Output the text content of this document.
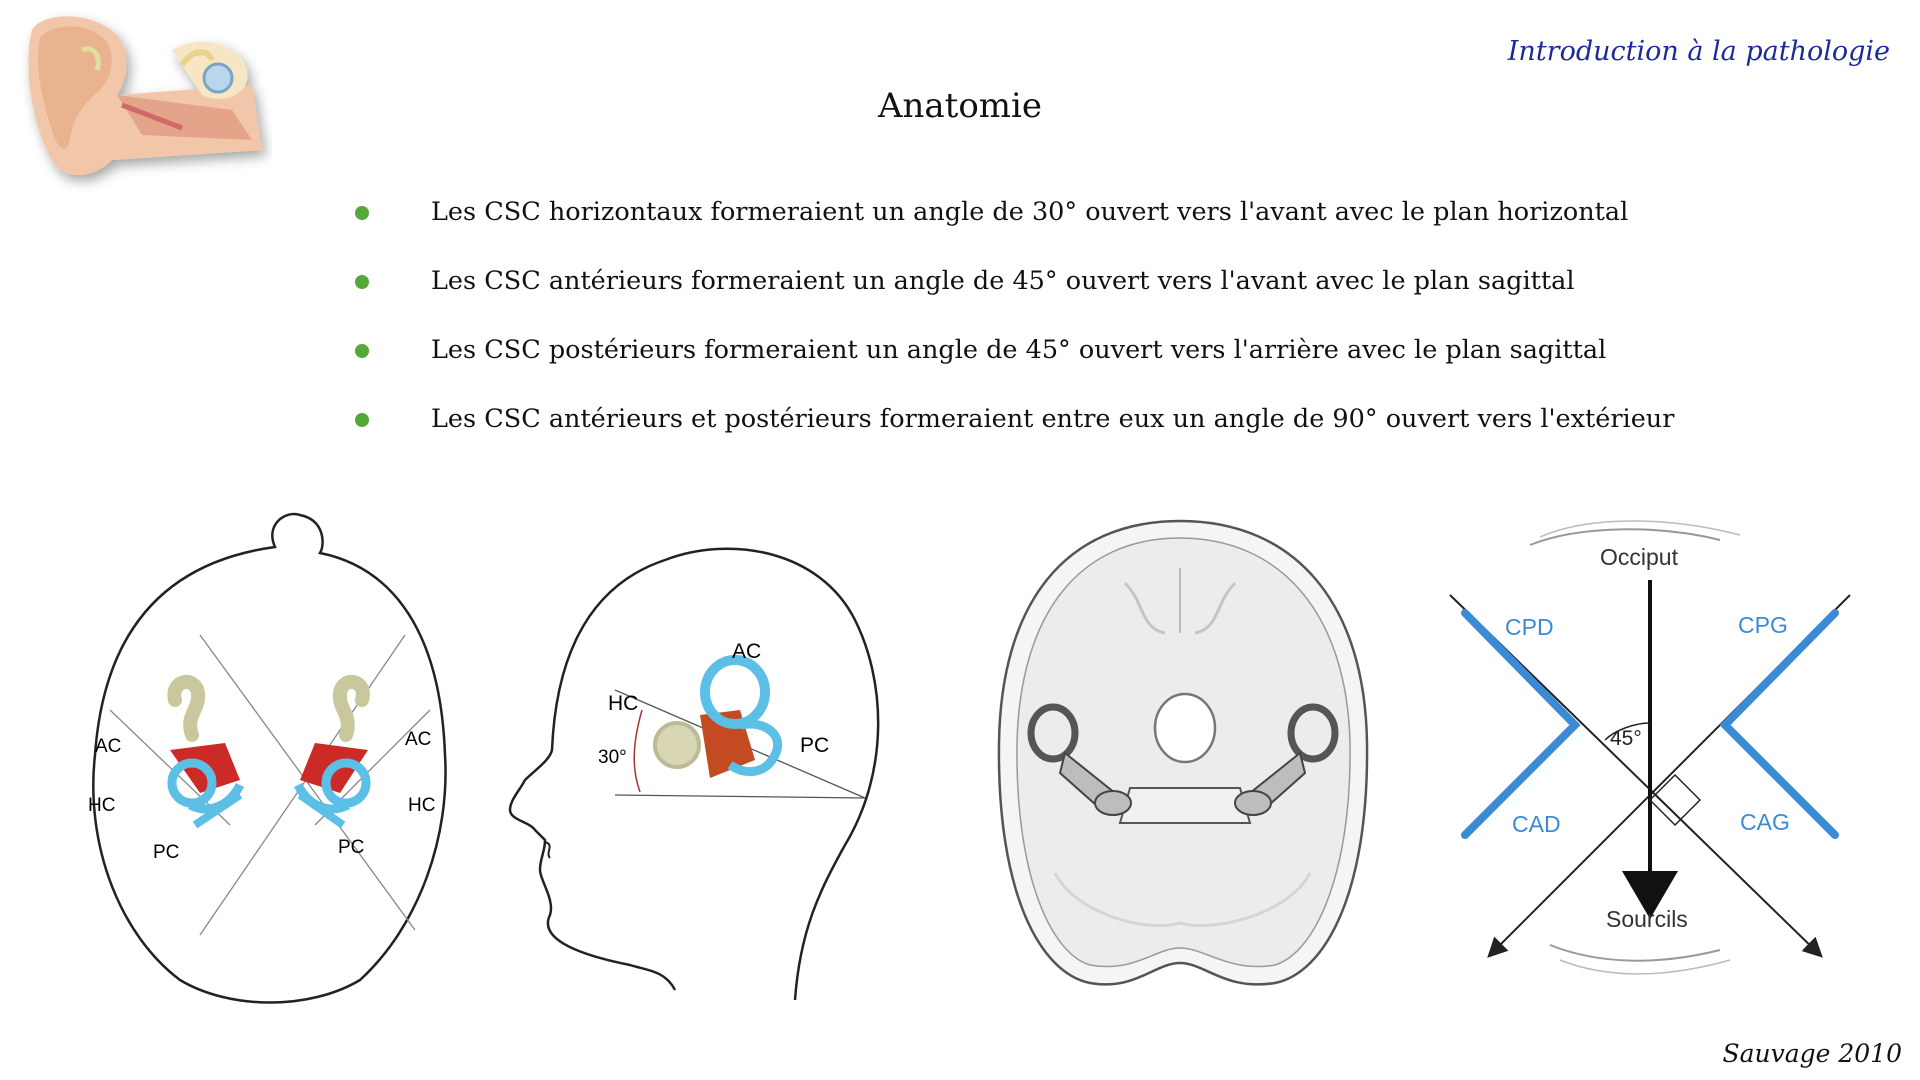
Introduction à la pathologie
Anatomie
Les CSC horizontaux formeraient un angle de 30° ouvert vers l'avant avec le plan horizontal
Les CSC antérieurs formeraient un angle de 45° ouvert vers l'avant avec le plan sagittal
Les CSC postérieurs formeraient un angle de 45° ouvert vers l'arrière avec le plan sagittal
Les CSC antérieurs et postérieurs formeraient entre eux un angle de 90° ouvert vers l'extérieur
AC
HC
PC
AC
HC
PC
AC
HC
PC
30°
Occiput
Sourcils
CPD	CPG
CAD	CAG
45°
Sauvage 2010
